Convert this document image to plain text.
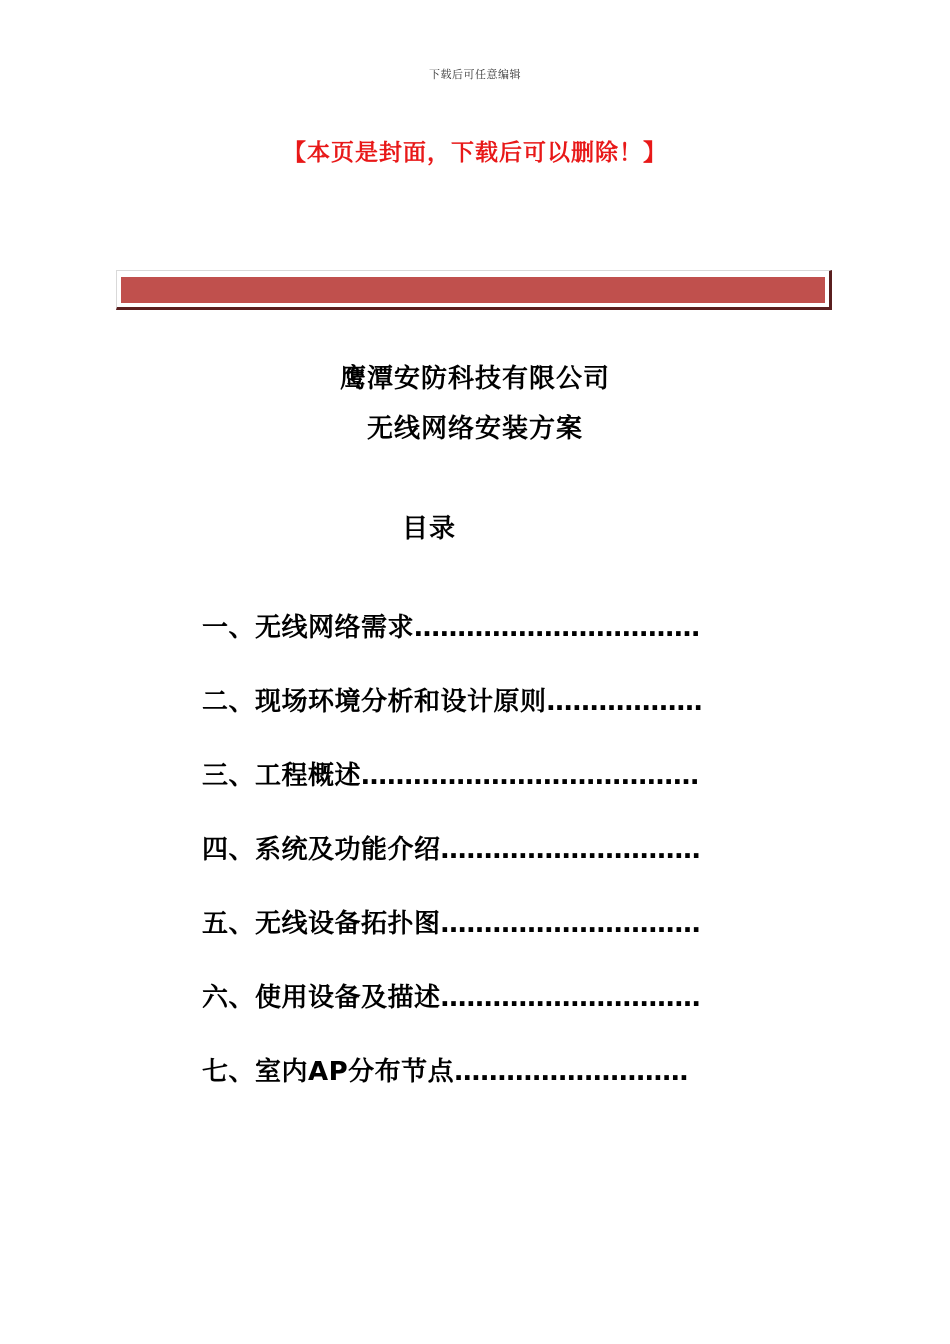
下载后可任意编辑
【本页是封面，下载后可以删除！】
鹰潭安防科技有限公司
无线网络安装方案
目录
一、无线网络需求……………………………
二、现场环境分析和设计原则………………
三、工程概述…………………………………
四、系统及功能介绍…………………………
五、无线设备拓扑图…………………………
六、使用设备及描述…………………………
七、室内AP分布节点………………………
